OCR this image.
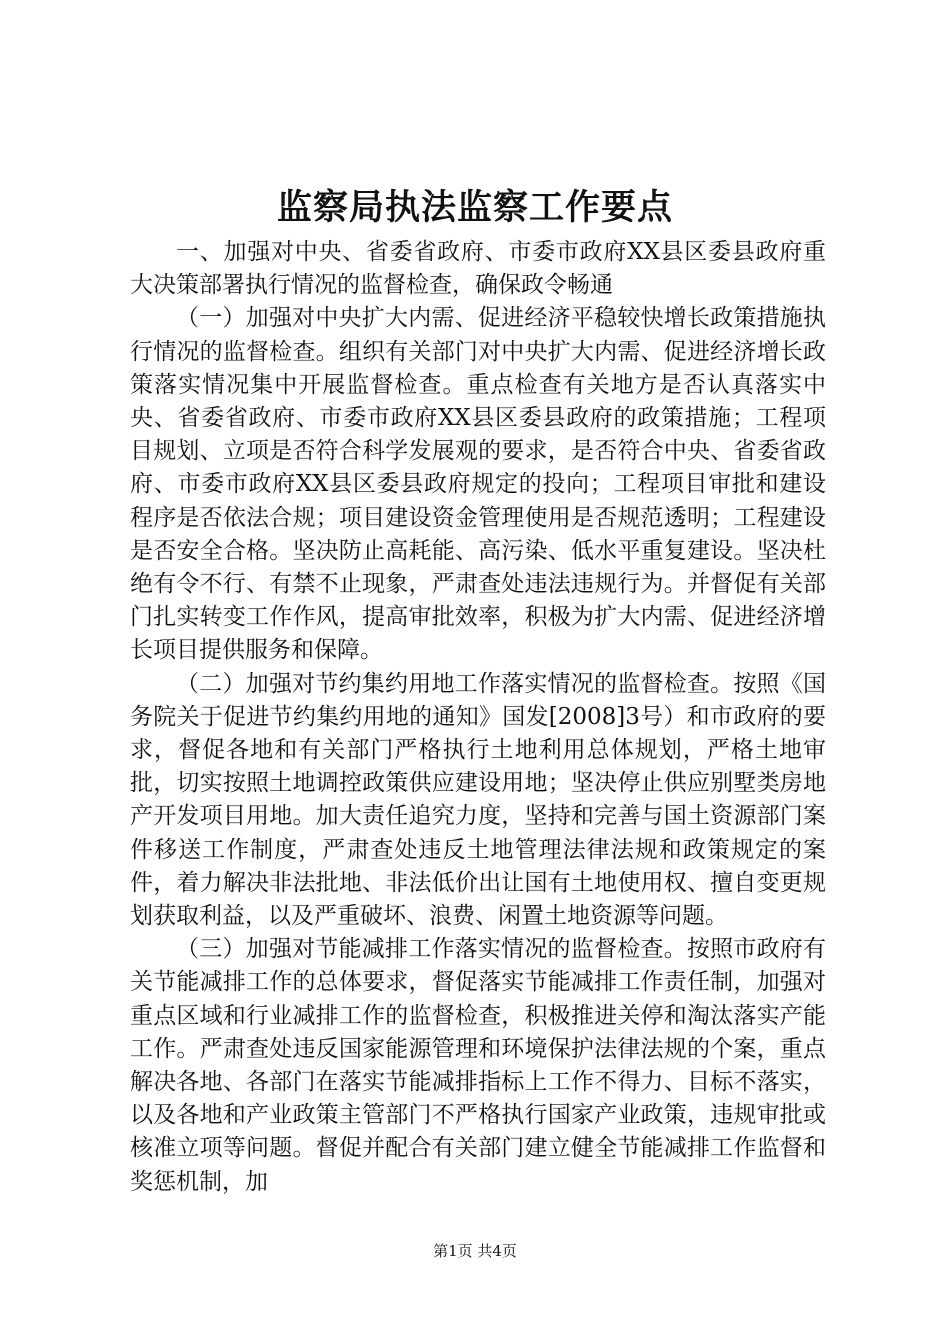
监察局执法监察工作要点

一、加强对中央、省委省政府、市委市政府XX县区委县政府重大决策部署执行情况的监督检查，确保政令畅通

（一）加强对中央扩大内需、促进经济平稳较快增长政策措施执行情况的监督检查。组织有关部门对中央扩大内需、促进经济增长政策落实情况集中开展监督检查。重点检查有关地方是否认真落实中央、省委省政府、市委市政府XX县区委县政府的政策措施；工程项目规划、立项是否符合科学发展观的要求，是否符合中央、省委省政府、市委市政府XX县区委县政府规定的投向；工程项目审批和建设程序是否依法合规；项目建设资金管理使用是否规范透明；工程建设是否安全合格。坚决防止高耗能、高污染、低水平重复建设。坚决杜绝有令不行、有禁不止现象，严肃查处违法违规行为。并督促有关部门扎实转变工作作风，提高审批效率，积极为扩大内需、促进经济增长项目提供服务和保障。

（二）加强对节约集约用地工作落实情况的监督检查。按照《国务院关于促进节约集约用地的通知》国发[2008]3号）和市政府的要求，督促各地和有关部门严格执行土地利用总体规划，严格土地审批，切实按照土地调控政策供应建设用地；坚决停止供应别墅类房地产开发项目用地。加大责任追究力度，坚持和完善与国土资源部门案件移送工作制度，严肃查处违反土地管理法律法规和政策规定的案件，着力解决非法批地、非法低价出让国有土地使用权、擅自变更规划获取利益，以及严重破坏、浪费、闲置土地资源等问题。

（三）加强对节能减排工作落实情况的监督检查。按照市政府有关节能减排工作的总体要求，督促落实节能减排工作责任制，加强对重点区域和行业减排工作的监督检查，积极推进关停和淘汰落实产能工作。严肃查处违反国家能源管理和环境保护法律法规的个案，重点解决各地、各部门在落实节能减排指标上工作不得力、目标不落实，以及各地和产业政策主管部门不严格执行国家产业政策，违规审批或核准立项等问题。督促并配合有关部门建立健全节能减排工作监督和奖惩机制，加

第1页 共4页
